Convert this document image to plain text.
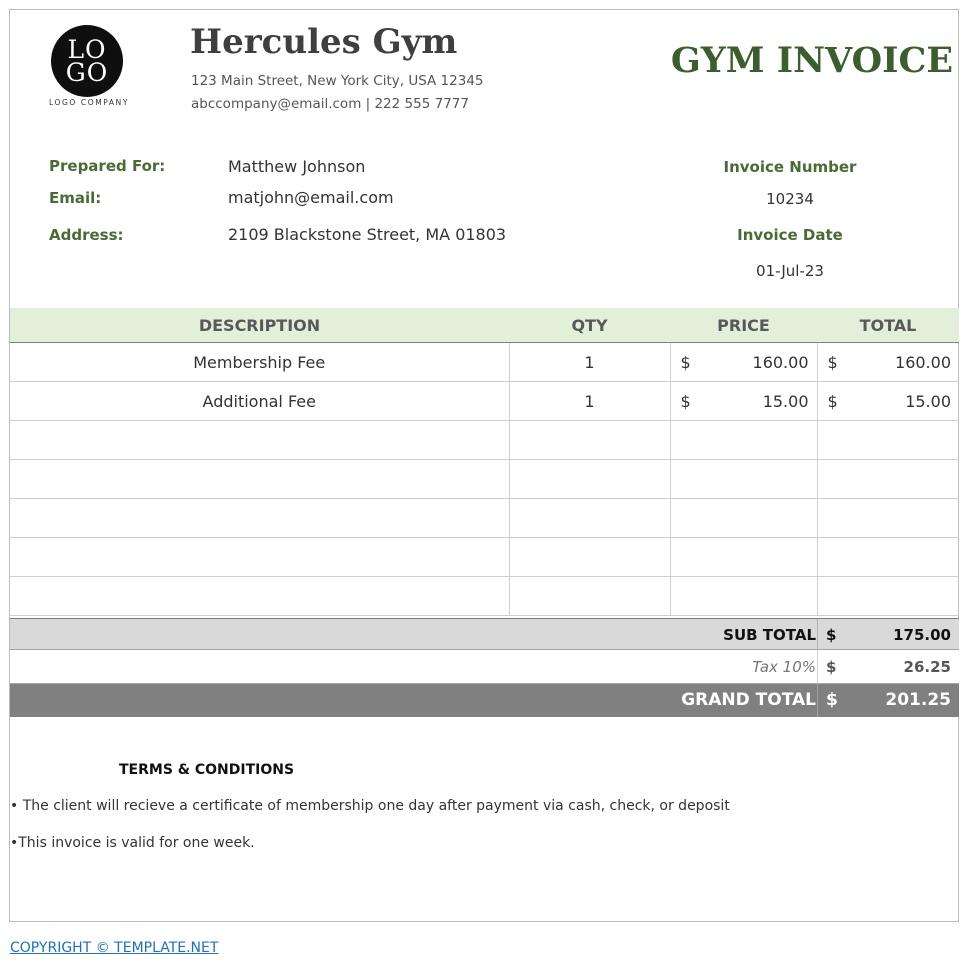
LO
GO
LOGO COMPANY
Hercules Gym
123 Main Street, New York City, USA 12345
abccompany@email.com | 222 555 7777
GYM INVOICE
Prepared For:	Matthew Johnson
Email:	matjohn@email.com
Address:	2109 Blackstone Street, MA 01803
Invoice Number
10234
Invoice Date
01-Jul-23
DESCRIPTION	QTY	PRICE	TOTAL
Membership Fee	1	$ 160.00	$ 160.00

Additional Fee	1	$ 15.00	$ 15.00

SUB TOTAL $	175.00
Tax 10% $	26.25
GRAND TOTAL $	201.25
TERMS & CONDITIONS
• The client will recieve a certificate of membership one day after payment via cash, check, or deposit
•This invoice is valid for one week.
COPYRIGHT © TEMPLATE.NET
